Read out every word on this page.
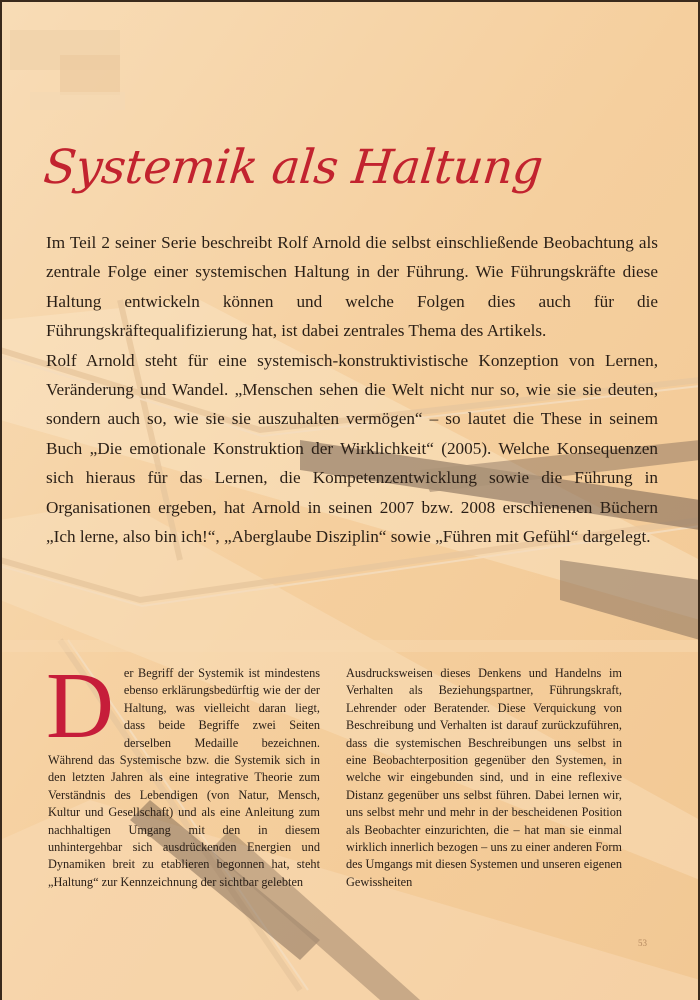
Systemik als Haltung

Im Teil 2 seiner Serie beschreibt Rolf Arnold die selbst einschließende Beobachtung als zentrale Folge einer systemischen Haltung in der Führung. Wie Führungskräfte diese Haltung entwickeln können und welche Folgen dies auch für die Führungskräftequalifizierung hat, ist dabei zentrales Thema des Artikels.

Rolf Arnold steht für eine systemisch-konstruktivistische Konzeption von Lernen, Veränderung und Wandel. „Menschen sehen die Welt nicht nur so, wie sie sie deuten, sondern auch so, wie sie sie auszuhalten vermögen“ – so lautet die These in seinem Buch „Die emotionale Konstruktion der Wirklichkeit“ (2005). Welche Konsequenzen sich hieraus für das Lernen, die Kompetenzentwicklung sowie die Führung in Organisationen ergeben, hat Arnold in seinen 2007 bzw. 2008 erschienenen Büchern „Ich lerne, also bin ich!“, „Aberglaube Disziplin“ sowie „Führen mit Gefühl“ dargelegt.

Der Begriff der Systemik ist mindestens ebenso erklärungsbedürftig wie der der Haltung, was vielleicht daran liegt, dass beide Begriffe zwei Seiten derselben Medaille bezeichnen. Während das Systemische bzw. die Systemik sich in den letzten Jahren als eine integrative Theorie zum Verständnis des Lebendigen (von Natur, Mensch, Kultur und Gesellschaft) und als eine Anleitung zum nachhaltigen Umgang mit den in diesem unhintergehbar sich ausdrückenden Energien und Dynamiken breit zu etablieren begonnen hat, steht „Haltung“ zur Kennzeichnung der sichtbar gelebten

Ausdrucksweisen dieses Denkens und Handelns im Verhalten als Beziehungspartner, Führungskraft, Lehrender oder Beratender. Diese Verquickung von Beschreibung und Verhalten ist darauf zurückzuführen, dass die systemischen Beschreibungen uns selbst in eine Beobachterposition gegenüber den Systemen, in welche wir eingebunden sind, und in eine reflexive Distanz gegenüber uns selbst führen. Dabei lernen wir, uns selbst mehr und mehr in der bescheidenen Position als Beobachter einzurichten, die – hat man sie einmal wirklich innerlich bezogen – uns zu einer anderen Form des Umgangs mit diesen Systemen und unseren eigenen Gewissheiten

53
